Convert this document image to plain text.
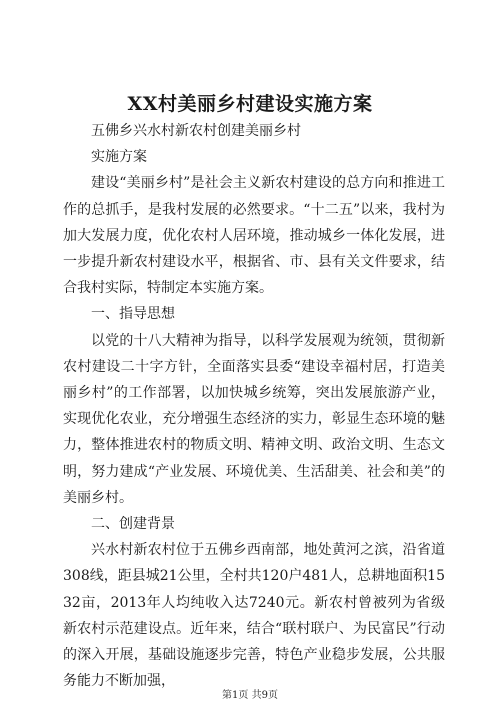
XX村美丽乡村建设实施方案

五佛乡兴水村新农村创建美丽乡村

实施方案

建设“美丽乡村”是社会主义新农村建设的总方向和推进工作的总抓手，是我村发展的必然要求。“十二五”以来，我村为加大发展力度，优化农村人居环境，推动城乡一体化发展，进一步提升新农村建设水平，根据省、市、县有关文件要求，结合我村实际，特制定本实施方案。

一、指导思想

以党的十八大精神为指导，以科学发展观为统领，贯彻新农村建设二十字方针，全面落实县委“建设幸福村居，打造美丽乡村”的工作部署，以加快城乡统筹，突出发展旅游产业，实现优化农业，充分增强生态经济的实力，彰显生态环境的魅力，整体推进农村的物质文明、精神文明、政治文明、生态文明，努力建成“产业发展、环境优美、生活甜美、社会和美”的美丽乡村。

二、创建背景

兴水村新农村位于五佛乡西南部，地处黄河之滨，沿省道308线，距县城21公里，全村共120户481人，总耕地面积1532亩，2013年人均纯收入达7240元。新农村曾被列为省级新农村示范建设点。近年来，结合“联村联户、为民富民”行动的深入开展，基础设施逐步完善，特色产业稳步发展，公共服务能力不断加强，

第1页 共9页
